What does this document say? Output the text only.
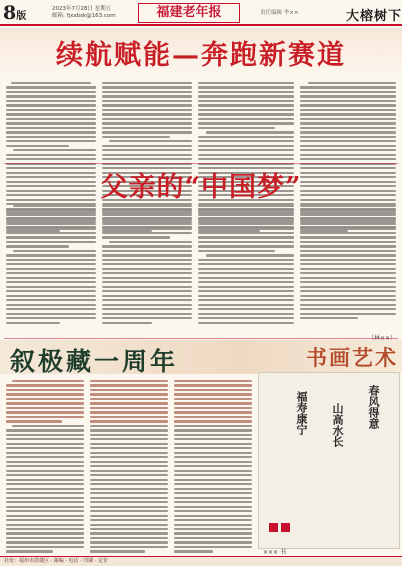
8版
2023年7月28日 星期五
邮箱: fjxxbsk@163.com	福建老年报	责任编辑 李××	大榕树下
续航赋能—奔跑新赛道
父亲的“中国梦”
叙极藏一周年	书画艺术
春风得意
山高水长
福寿康宁
××× 书
社址：福州市鼓楼区 · 邮编 · 电话 · 印刷 · 定价
